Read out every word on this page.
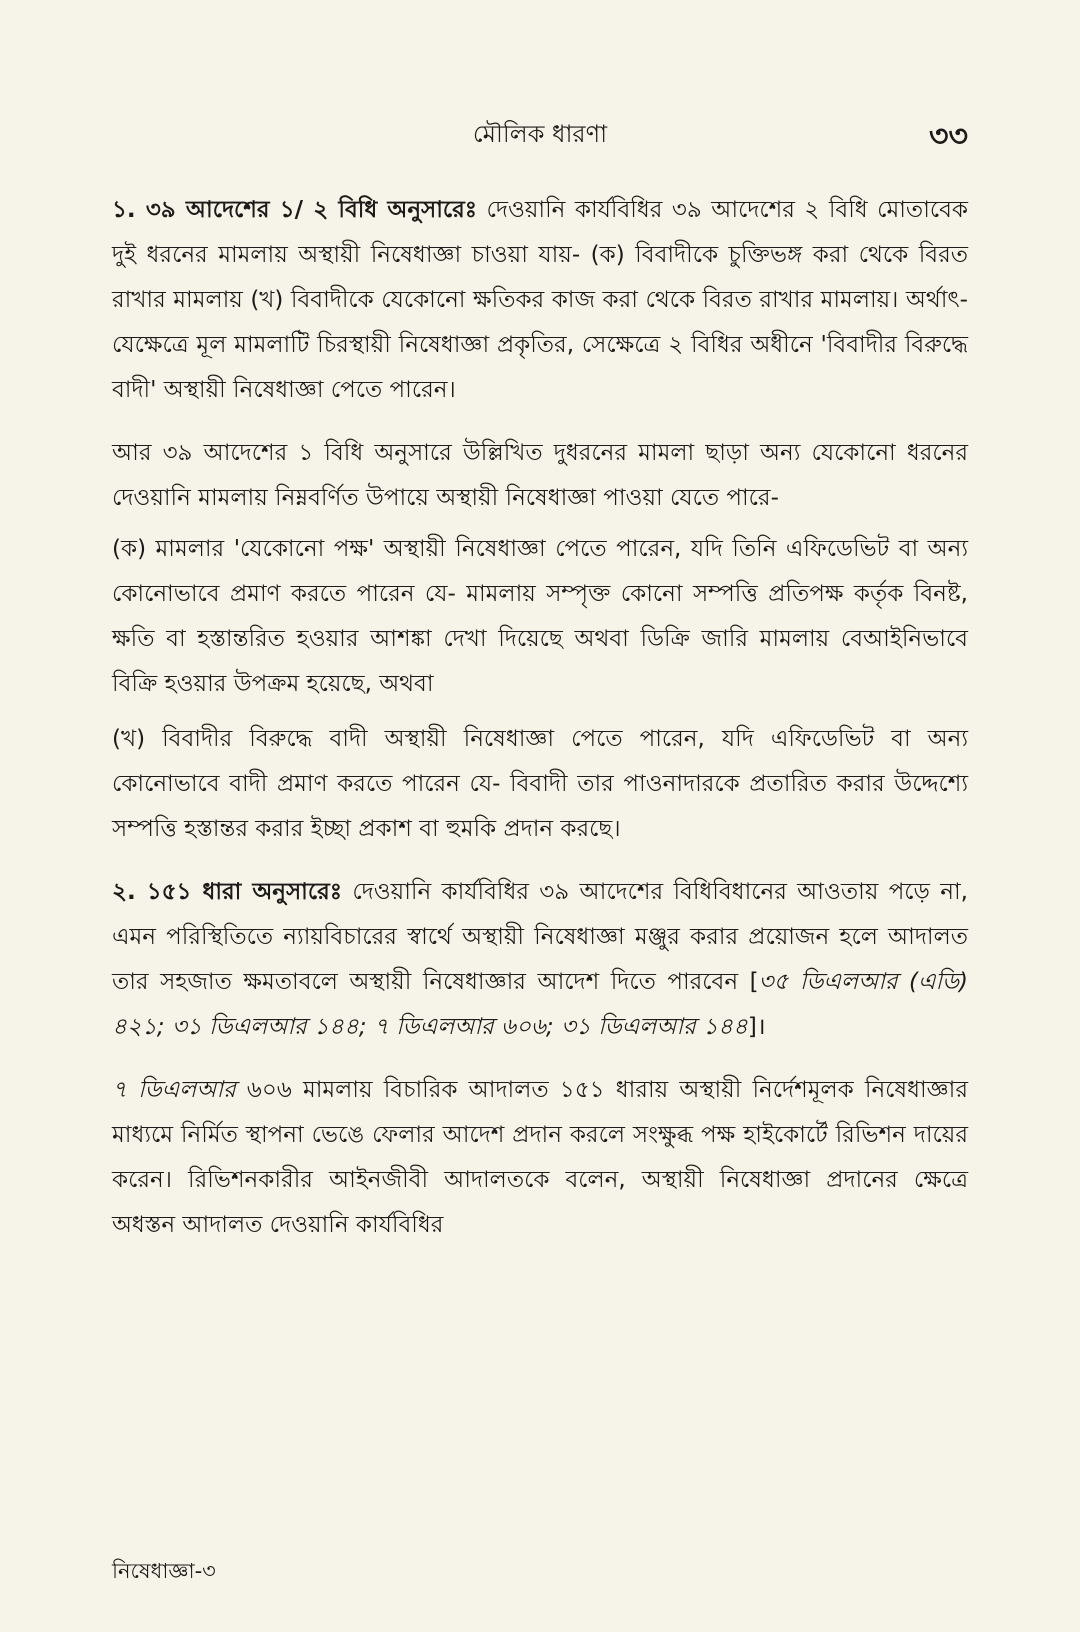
মৌলিক ধারণা	৩৩

১. ৩৯ আদেশের ১/ ২ বিধি অনুসারেঃ দেওয়ানি কার্যবিধির ৩৯ আদেশের ২ বিধি মোতাবেক দুই ধরনের মামলায় অস্থায়ী নিষেধাজ্ঞা চাওয়া যায়- (ক) বিবাদীকে চুক্তিভঙ্গ করা থেকে বিরত রাখার মামলায় (খ) বিবাদীকে যেকোনো ক্ষতিকর কাজ করা থেকে বিরত রাখার মামলায়। অর্থাৎ- যেক্ষেত্রে মূল মামলাটি চিরস্থায়ী নিষেধাজ্ঞা প্রকৃতির, সেক্ষেত্রে ২ বিধির অধীনে 'বিবাদীর বিরুদ্ধে বাদী' অস্থায়ী নিষেধাজ্ঞা পেতে পারেন।

আর ৩৯ আদেশের ১ বিধি অনুসারে উল্লিখিত দুধরনের মামলা ছাড়া অন্য যেকোনো ধরনের দেওয়ানি মামলায় নিম্নবর্ণিত উপায়ে অস্থায়ী নিষেধাজ্ঞা পাওয়া যেতে পারে-

(ক) মামলার 'যেকোনো পক্ষ' অস্থায়ী নিষেধাজ্ঞা পেতে পারেন, যদি তিনি এফিডেভিট বা অন্য কোনোভাবে প্রমাণ করতে পারেন যে- মামলায় সম্পৃক্ত কোনো সম্পত্তি প্রতিপক্ষ কর্তৃক বিনষ্ট, ক্ষতি বা হস্তান্তরিত হওয়ার আশঙ্কা দেখা দিয়েছে অথবা ডিক্রি জারি মামলায় বেআইনিভাবে বিক্রি হওয়ার উপক্রম হয়েছে, অথবা

(খ) বিবাদীর বিরুদ্ধে বাদী অস্থায়ী নিষেধাজ্ঞা পেতে পারেন, যদি এফিডেভিট বা অন্য কোনোভাবে বাদী প্রমাণ করতে পারেন যে- বিবাদী তার পাওনাদারকে প্রতারিত করার উদ্দেশ্যে সম্পত্তি হস্তান্তর করার ইচ্ছা প্রকাশ বা হুমকি প্রদান করছে।

২. ১৫১ ধারা অনুসারেঃ দেওয়ানি কার্যবিধির ৩৯ আদেশের বিধিবিধানের আওতায় পড়ে না, এমন পরিস্থিতিতে ন্যায়বিচারের স্বার্থে অস্থায়ী নিষেধাজ্ঞা মঞ্জুর করার প্রয়োজন হলে আদালত তার সহজাত ক্ষমতাবলে অস্থায়ী নিষেধাজ্ঞার আদেশ দিতে পারবেন [৩৫ ডিএলআর (এডি) ৪২১; ৩১ ডিএলআর ১৪৪; ৭ ডিএলআর ৬০৬; ৩১ ডিএলআর ১৪৪]।

৭ ডিএলআর ৬০৬ মামলায় বিচারিক আদালত ১৫১ ধারায় অস্থায়ী নির্দেশমূলক নিষেধাজ্ঞার মাধ্যমে নির্মিত স্থাপনা ভেঙে ফেলার আদেশ প্রদান করলে সংক্ষুব্ধ পক্ষ হাইকোর্টে রিভিশন দায়ের করেন। রিভিশনকারীর আইনজীবী আদালতকে বলেন, অস্থায়ী নিষেধাজ্ঞা প্রদানের ক্ষেত্রে অধস্তন আদালত দেওয়ানি কার্যবিধির

নিষেধাজ্ঞা-৩
